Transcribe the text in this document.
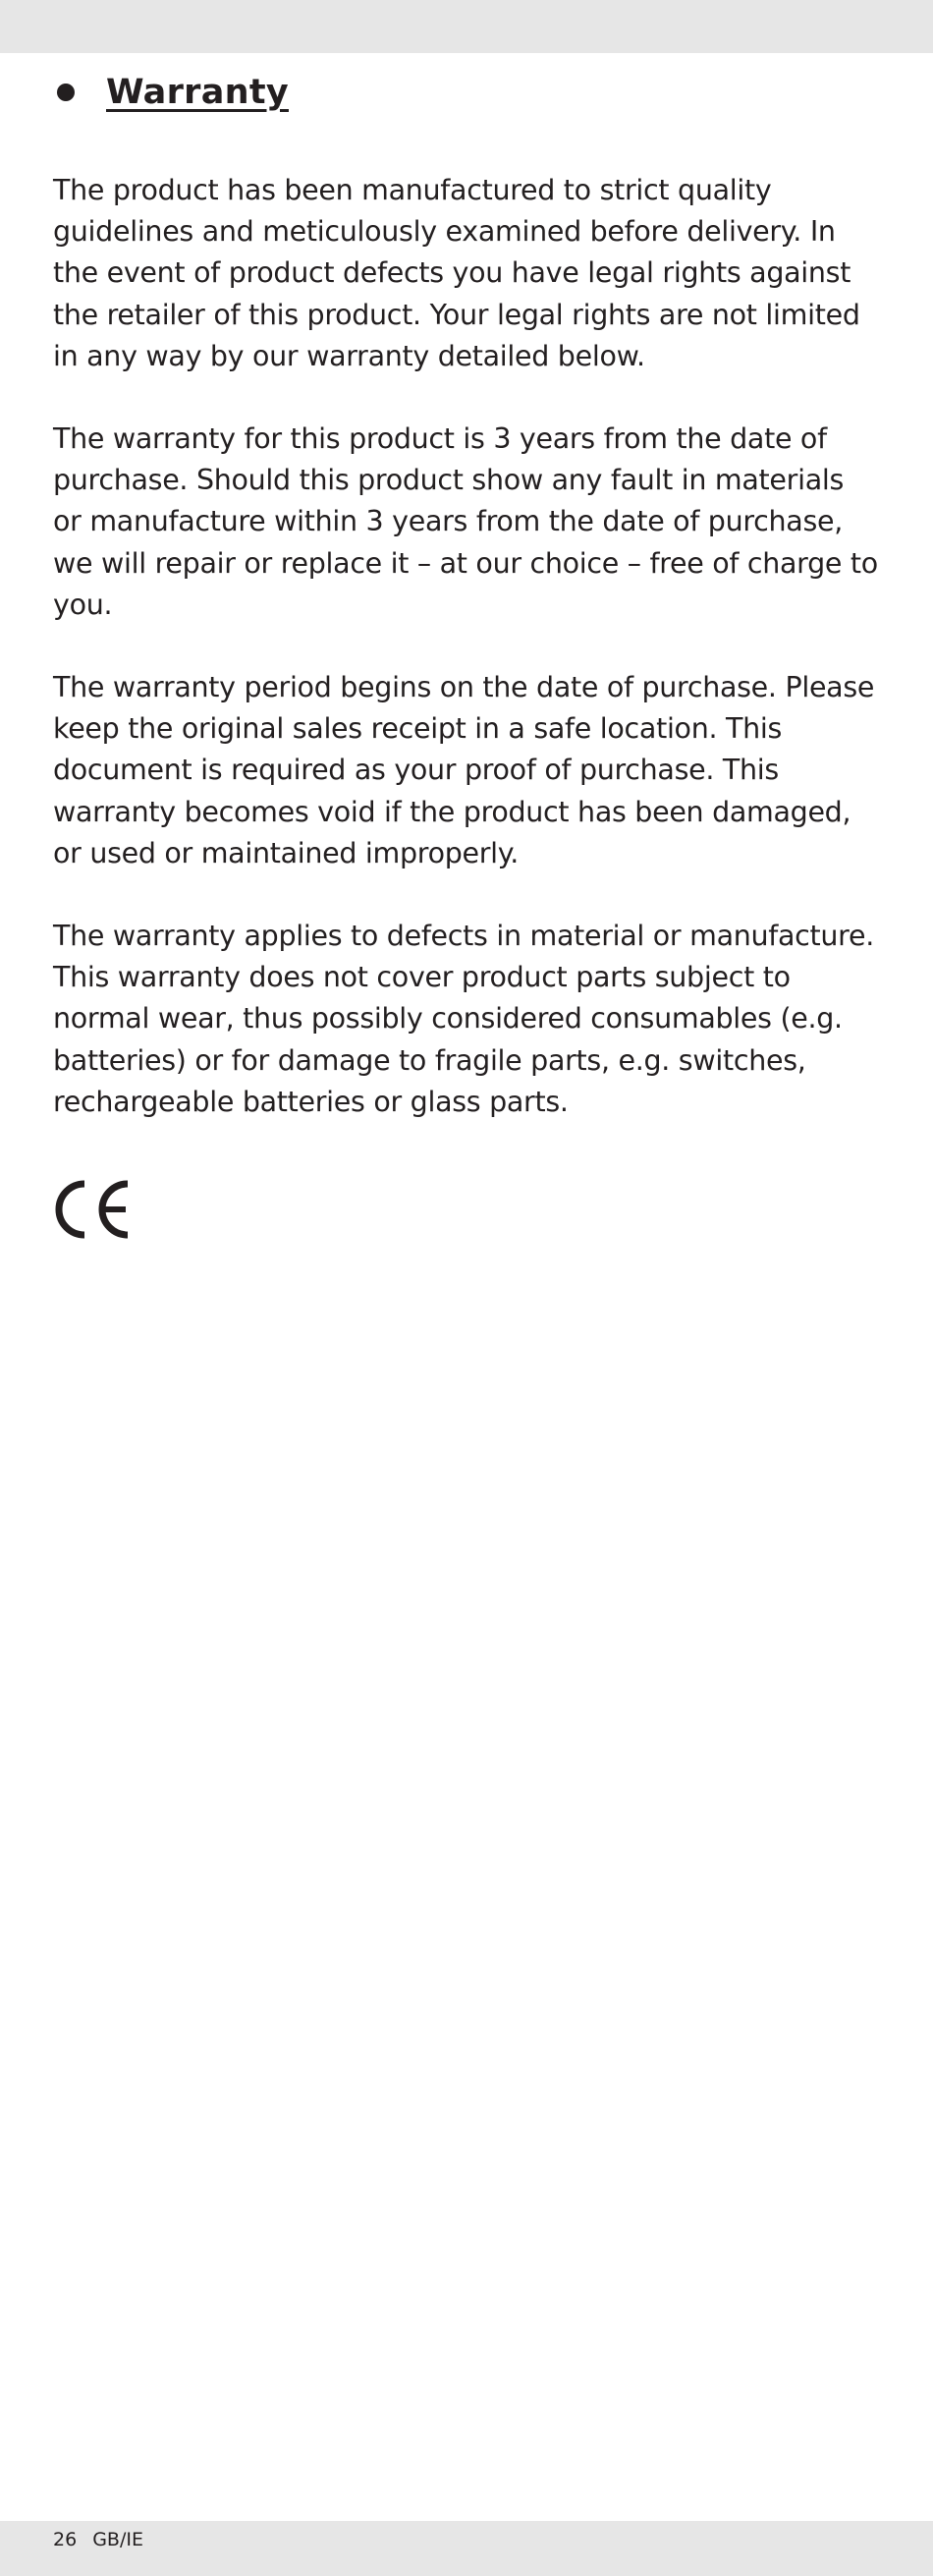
Warranty

The product has been manufactured to strict quality guidelines and meticulously examined before delivery. In the event of product defects you have legal rights against the retailer of this product. Your legal rights are not limited in any way by our warranty detailed below.

The warranty for this product is 3 years from the date of purchase. Should this product show any fault in materials or manufacture within 3 years from the date of purchase, we will repair or replace it – at our choice – free of charge to you.

The warranty period begins on the date of purchase. Please keep the original sales receipt in a safe location. This document is required as your proof of purchase. This warranty becomes void if the product has been damaged, or used or maintained improperly.

The warranty applies to defects in material or manufacture. This warranty does not cover product parts subject to normal wear, thus possibly considered consumables (e.g. batteries) or for damage to fragile parts, e.g. switches, rechargeable batteries or glass parts.

26 GB/IE
